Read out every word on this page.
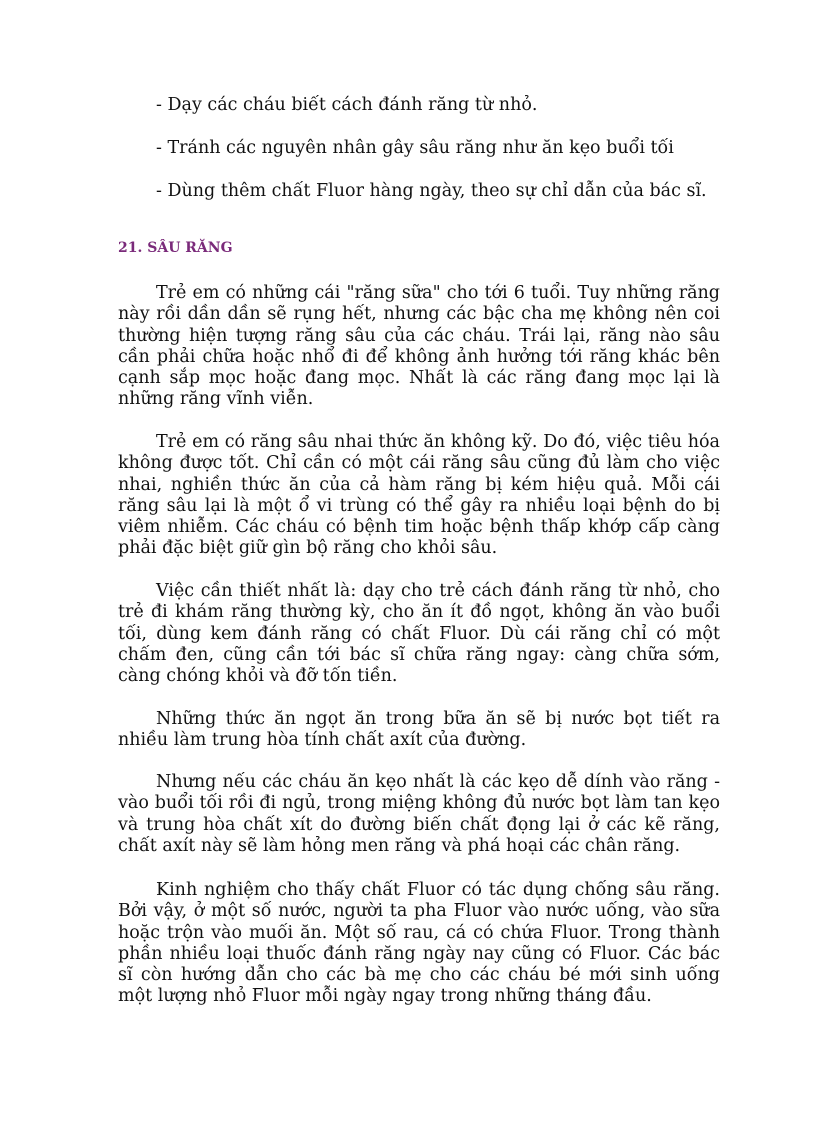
- Dạy các cháu biết cách đánh răng từ nhỏ.

- Tránh các nguyên nhân gây sâu răng như ăn kẹo buổi tối

- Dùng thêm chất Fluor hàng ngày, theo sự chỉ dẫn của bác sĩ.

21. SÂU RĂNG

Trẻ em có những cái "răng sữa" cho tới 6 tuổi. Tuy những răng này rồi dần dần sẽ rụng hết, nhưng các bậc cha mẹ không nên coi thường hiện tượng răng sâu của các cháu. Trái lại, răng nào sâu cần phải chữa hoặc nhổ đi để không ảnh hưởng tới răng khác bên cạnh sắp mọc hoặc đang mọc. Nhất là các răng đang mọc lại là những răng vĩnh viễn.

Trẻ em có răng sâu nhai thức ăn không kỹ. Do đó, việc tiêu hóa không được tốt. Chỉ cần có một cái răng sâu cũng đủ làm cho việc nhai, nghiền thức ăn của cả hàm răng bị kém hiệu quả. Mỗi cái răng sâu lại là một ổ vi trùng có thể gây ra nhiều loại bệnh do bị viêm nhiễm. Các cháu có bệnh tim hoặc bệnh thấp khớp cấp càng phải đặc biệt giữ gìn bộ răng cho khỏi sâu.

Việc cần thiết nhất là: dạy cho trẻ cách đánh răng từ nhỏ, cho trẻ đi khám răng thường kỳ, cho ăn ít đồ ngọt, không ăn vào buổi tối, dùng kem đánh răng có chất Fluor. Dù cái răng chỉ có một chấm đen, cũng cần tới bác sĩ chữa răng ngay: càng chữa sớm, càng chóng khỏi và đỡ tốn tiền.

Những thức ăn ngọt ăn trong bữa ăn sẽ bị nước bọt tiết ra nhiều làm trung hòa tính chất axít của đường.

Nhưng nếu các cháu ăn kẹo nhất là các kẹo dễ dính vào răng - vào buổi tối rồi đi ngủ, trong miệng không đủ nước bọt làm tan kẹo và trung hòa chất xít do đường biến chất đọng lại ở các kẽ răng, chất axít này sẽ làm hỏng men răng và phá hoại các chân răng.

Kinh nghiệm cho thấy chất Fluor có tác dụng chống sâu răng. Bởi vậy, ở một số nước, người ta pha Fluor vào nước uống, vào sữa hoặc trộn vào muối ăn. Một số rau, cá có chứa Fluor. Trong thành phần nhiều loại thuốc đánh răng ngày nay cũng có Fluor. Các bác sĩ còn hướng dẫn cho các bà mẹ cho các cháu bé mới sinh uống một lượng nhỏ Fluor mỗi ngày ngay trong những tháng đầu.
